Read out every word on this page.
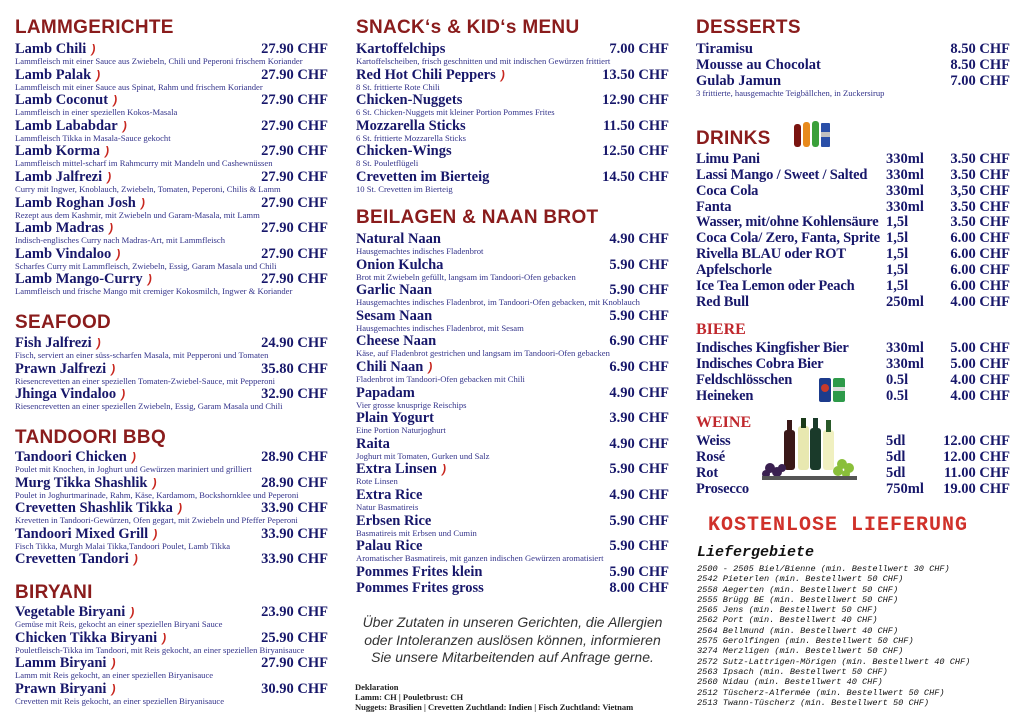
LAMMGERICHTE
Lamb Chili )	27.90 CHF
Lammfleisch mit einer Sauce aus Zwiebeln, Chili und Peperoni frischem Koriander
Lamb Palak )	27.90 CHF
Lammfleisch mit einer Sauce aus Spinat, Rahm und frischem Koriander
Lamb Coconut )	27.90 CHF
Lammfleisch in einer speziellen Kokos-Masala
Lamb Lababdar )	27.90 CHF
Lammfleisch Tikka in Masala-Sauce gekocht
Lamb Korma )	27.90 CHF
Lammfleisch mittel-scharf im Rahmcurry mit Mandeln und Cashewnüssen
Lamb Jalfrezi )	27.90 CHF
Curry mit Ingwer, Knoblauch, Zwiebeln, Tomaten, Peperoni, Chilis & Lamm
Lamb Roghan Josh )	27.90 CHF
Rezept aus dem Kashmir, mit Zwiebeln und Garam-Masala, mit Lamm
Lamb Madras )	27.90 CHF
Indisch-englisches Curry nach Madras-Art, mit Lammfleisch
Lamb Vindaloo )	27.90 CHF
Scharfes Curry mit Lammfleisch, Zwiebeln, Essig, Garam Masala und Chili
Lamb Mango-Curry )	27.90 CHF
Lammfleisch und frische Mango mit cremiger Kokosmilch, Ingwer & Koriander
SEAFOOD
Fish Jalfrezi )	24.90 CHF
Fisch, serviert an einer süss-scharfen Masala, mit Pepperoni und Tomaten
Prawn Jalfrezi )	35.80 CHF
Riesencrevetten an einer speziellen Tomaten-Zwiebel-Sauce, mit Pepperoni
Jhinga Vindaloo )	32.90 CHF
Riesencrevetten an einer speziellen Zwiebeln, Essig, Garam Masala und Chili
TANDOORI BBQ
Tandoori Chicken )	28.90 CHF
Poulet mit Knochen, in Joghurt und Gewürzen mariniert und grilliert
Murg Tikka Shashlik )	28.90 CHF
Poulet in Joghurtmarinade, Rahm, Käse, Kardamom, Bockshornklee und Peperoni
Crevetten Shashlik Tikka )	33.90 CHF
Krevetten in Tandoori-Gewürzen, Ofen gegart, mit Zwiebeln und Pfeffer Peperoni
Tandoori Mixed Grill )	33.90 CHF
Fisch Tikka, Murgh Malai Tikka,Tandoori Poulet, Lamb Tikka
Crevetten Tandori )	33.90 CHF
BIRYANI
Vegetable Biryani )	23.90 CHF
Gemüse mit Reis, gekocht an einer speziellen Biryani Sauce
Chicken Tikka Biryani )	25.90 CHF
Pouletfleisch-Tikka im Tandoori, mit Reis gekocht, an einer speziellen Biryanisauce
Lamm Biryani )	27.90 CHF
Lamm mit Reis gekocht, an einer speziellen Biryanisauce
Prawn Biryani )	30.90 CHF
Crevetten mit Reis gekocht, an einer speziellen Biryanisauce
SNACK‘s & KID‘s MENU
Kartoffelchips	7.00 CHF
Kartoffelscheiben, frisch geschnitten und mit indischen Gewürzen frittiert
Red Hot Chili Peppers )	13.50 CHF
8 St. frittierte Rote Chili
Chicken-Nuggets	12.90 CHF
6 St. Chicken-Nuggets mit kleiner Portion Pommes Frites
Mozzarella Sticks	11.50 CHF
6 St. frittierte Mozzarella Sticks
Chicken-Wings	12.50 CHF
8 St. Pouletflügeli
Crevetten im Bierteig	14.50 CHF
10 St. Crevetten im Bierteig
BEILAGEN & NAAN BROT
Natural Naan	4.90 CHF
Hausgemachtes indisches Fladenbrot
Onion Kulcha	5.90 CHF
Brot mit Zwiebeln gefüllt, langsam im Tandoori-Ofen gebacken
Garlic Naan	5.90 CHF
Hausgemachtes indisches Fladenbrot, im Tandoori-Ofen gebacken, mit Knoblauch
Sesam Naan	5.90 CHF
Hausgemachtes indisches Fladenbrot, mit Sesam
Cheese Naan	6.90 CHF
Käse, auf Fladenbrot gestrichen und langsam im Tandoori-Ofen gebacken
Chili Naan )	6.90 CHF
Fladenbrot im Tandoori-Ofen gebacken mit Chili
Papadam	4.90 CHF
Vier grosse knusprige Reischips
Plain Yogurt	3.90 CHF
Eine Portion Naturjoghurt
Raita	4.90 CHF
Joghurt mit Tomaten, Gurken und Salz
Extra Linsen )	5.90 CHF
Rote Linsen
Extra Rice	4.90 CHF
Natur Basmatireis
Erbsen Rice	5.90 CHF
Basmatireis mit Erbsen und Cumin
Palau Rice	5.90 CHF
Aromatischer Basmatireis, mit ganzen indischen Gewürzen aromatisiert
Pommes Frites klein	5.90 CHF
Pommes Frites gross	8.00 CHF
Über Zutaten in unseren Gerichten, die Allergien oder Intoleranzen auslösen können, informieren Sie unsere Mitarbeitenden auf Anfrage gerne.
Deklaration
Lamm: CH | Pouletbrust: CH
Nuggets: Brasilien | Crevetten Zuchtland: Indien | Fisch Zuchtland: Vietnam
DESSERTS
Tiramisu	8.50 CHF
Mousse au Chocolat	8.50 CHF
Gulab Jamun	7.00 CHF
3 frittierte, hausgemachte Teigbällchen, in Zuckersirup
DRINKS
Limu Pani	330ml 3.50 CHF
Lassi Mango / Sweet / Salted 330ml 3.50 CHF
Coca Cola	330ml 3,50 CHF
Fanta	330ml 3.50 CHF
Wasser, mit/ohne Kohlensäure 1,5l	3.50 CHF
Coca Cola/ Zero, Fanta, Sprite 1,5l	6.00 CHF
Rivella BLAU oder ROT	1,5l	6.00 CHF
Apfelschorle	1,5l	6.00 CHF
Ice Tea Lemon oder Peach 1,5l	6.00 CHF
Red Bull	250ml 4.00 CHF
BIERE
Indisches Kingfisher Bier	330ml 5.00 CHF
Indisches Cobra Bier	330ml 5.00 CHF
Feldschlösschen	0.5l	4.00 CHF
Heineken	0.5l	4.00 CHF
WEINE
Weiss	5dl	12.00 CHF
Rosé	5dl	12.00 CHF
Rot	5dl	11.00 CHF
Prosecco	750ml 19.00 CHF
KOSTENLOSE LIEFERUNG
Liefergebiete
2500 - 2505 Biel/Bienne (min. Bestellwert 30 CHF)
2542 Pieterlen (min. Bestellwert 50 CHF)
2558 Aegerten (min. Bestellwert 50 CHF)
2555 Brügg BE (min. Bestellwert 50 CHF)
2565 Jens (min. Bestellwert 50 CHF)
2562 Port (min. Bestellwert 40 CHF)
2564 Bellmund (min. Bestellwert 40 CHF)
2575 Gerolfingen (min. Bestellwert 50 CHF)
3274 Merzligen (min. Bestellwert 50 CHF)
2572 Sutz-Lattrigen-Mörigen (min. Bestellwert 40 CHF)
2563 Ipsach (min. Bestellwert 50 CHF)
2560 Nidau (min. Bestellwert 40 CHF)
2512 Tüscherz-Alfermée (min. Bestellwert 50 CHF)
2513 Twann-Tüscherz (min. Bestellwert 50 CHF)
